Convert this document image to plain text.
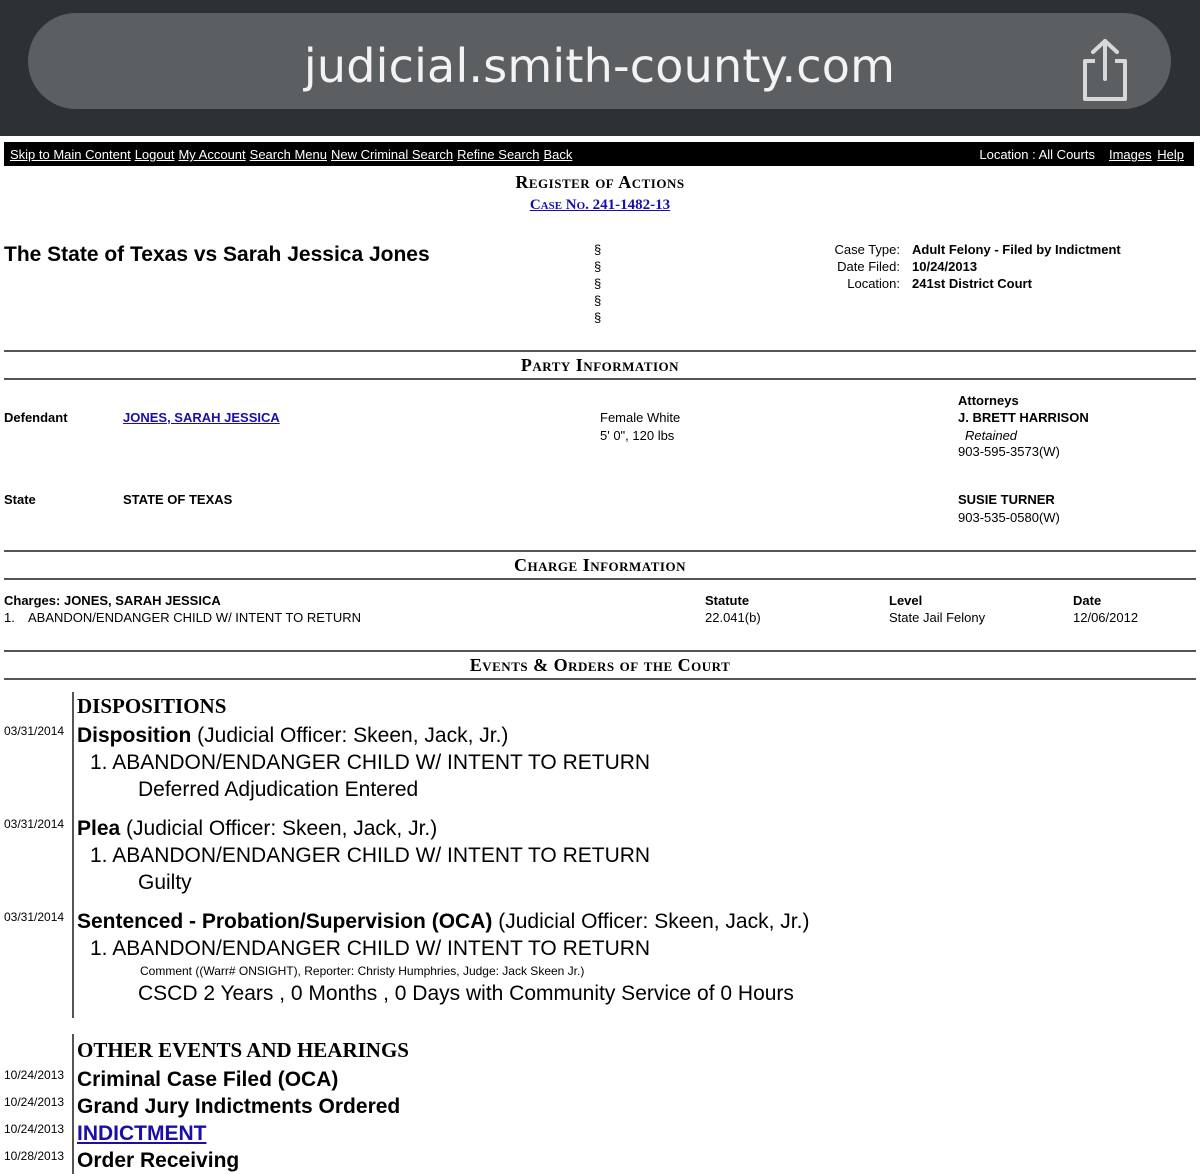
judicial.smith-county.com
Skip to Main Content Logout My Account Search Menu New Criminal Search Refine Search Back	Location : All Courts Images Help
Register of Actions
Case No. 241-1482-13
The State of Texas vs Sarah Jessica Jones	§
§
§
§
§
Case Type: Adult Felony - Filed by Indictment
Date Filed: 10/24/2013
Location: 241st District Court
Party Information
Attorneys
Defendant	JONES, SARAH JESSICA	Female White
5' 0", 120 lbs
J. BRETT HARRISON
Retained
903-595-3573(W)
State	STATE OF TEXAS	SUSIE TURNER
903-535-0580(W)
Charge Information
Charges: JONES, SARAH JESSICA	Statute	Level	Date
1. ABANDON/ENDANGER CHILD W/ INTENT TO RETURN	22.041(b)	State Jail Felony	12/06/2012
Events & Orders of the Court
DISPOSITIONS
03/31/2014 Disposition (Judicial Officer: Skeen, Jack, Jr.)
1. ABANDON/ENDANGER CHILD W/ INTENT TO RETURN
Deferred Adjudication Entered
03/31/2014 Plea (Judicial Officer: Skeen, Jack, Jr.)
1. ABANDON/ENDANGER CHILD W/ INTENT TO RETURN
Guilty
03/31/2014 Sentenced - Probation/Supervision (OCA) (Judicial Officer: Skeen, Jack, Jr.)
1. ABANDON/ENDANGER CHILD W/ INTENT TO RETURN
Comment ((Warr# ONSIGHT), Reporter: Christy Humphries, Judge: Jack Skeen Jr.)
CSCD 2 Years , 0 Months , 0 Days with Community Service of 0 Hours
OTHER EVENTS AND HEARINGS
10/24/2013 Criminal Case Filed (OCA)
10/24/2013 Grand Jury Indictments Ordered
10/24/2013 INDICTMENT
10/28/2013 Order Receiving
